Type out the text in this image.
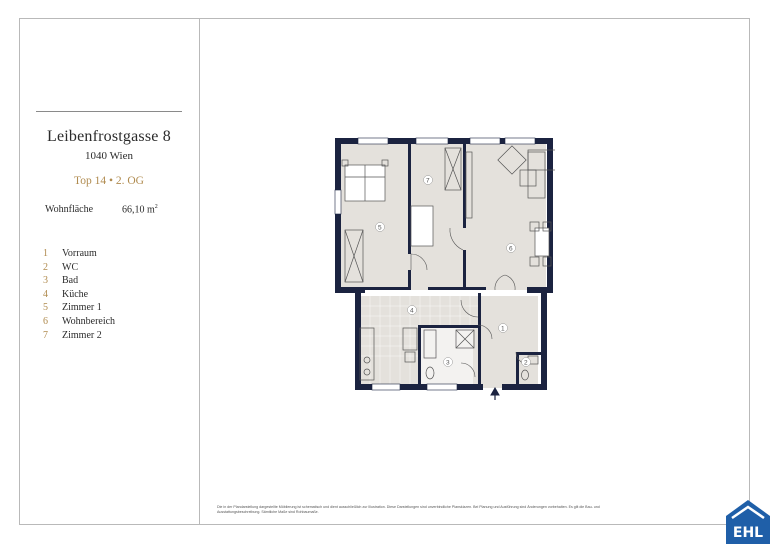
Leibenfrostgasse 8
1040 Wien
Top 14 • 2. OG
Wohnfläche	66,10 $m^2$
1	Vorraum
2	WC
3	Bad
4	Küche
5	Zimmer 1
6	Wohnbereich
7	Zimmer 2
1
2
3
4
5
6
7
Die in der Plandarstellung dargestellte Möblierung ist schematisch und dient ausschließlich zur Illustration. Diese Darstellungen sind unverbindliche Planskizzen. Bei Planung und Ausführung sind Änderungen vorbehalten. Es gilt die Bau- und Ausstattungsbeschreibung. Sämtliche Maße sind Rohbaumaße.
EHL
